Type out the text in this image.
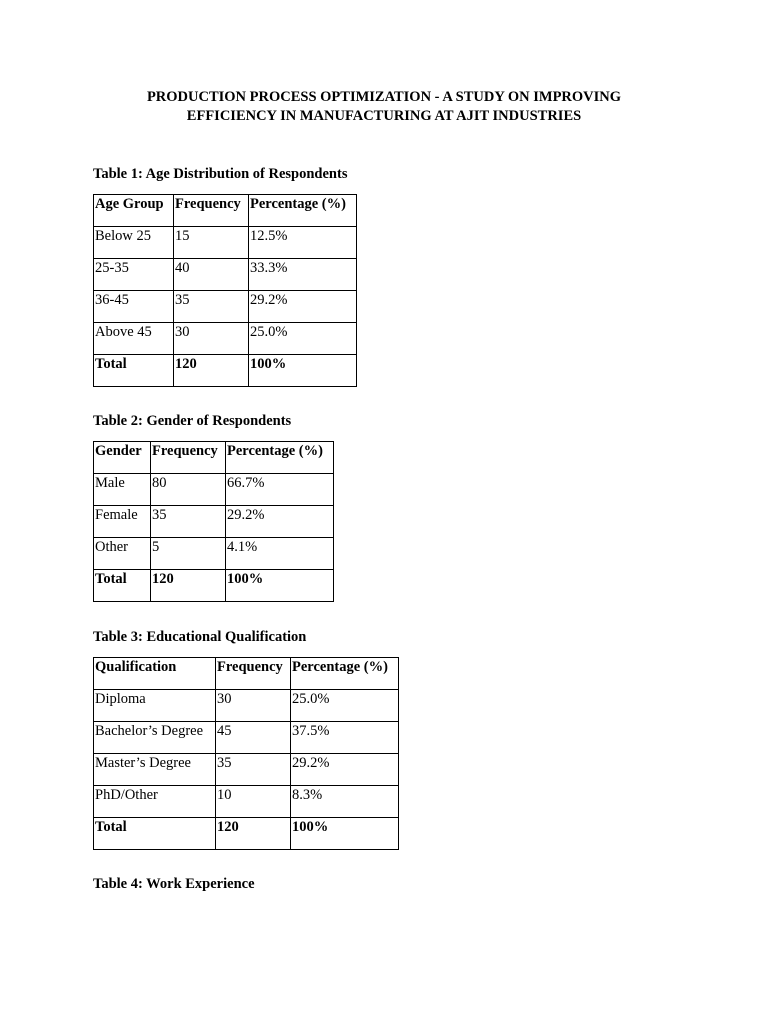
PRODUCTION PROCESS OPTIMIZATION - A STUDY ON IMPROVING
EFFICIENCY IN MANUFACTURING AT AJIT INDUSTRIES

Table 1: Age Distribution of Respondents

Age Group	Frequency	Percentage (%)
Below 25	15	12.5%
25-35	40	33.3%
36-45	35	29.2%
Above 45	30	25.0%
Total	120	100%

Table 2: Gender of Respondents

Gender	Frequency	Percentage (%)
Male	80	66.7%
Female	35	29.2%
Other	5	4.1%
Total	120	100%

Table 3: Educational Qualification

Qualification	Frequency	Percentage (%)
Diploma	30	25.0%
Bachelor’s Degree	45	37.5%
Master’s Degree	35	29.2%
PhD/Other	10	8.3%
Total	120	100%

Table 4: Work Experience
